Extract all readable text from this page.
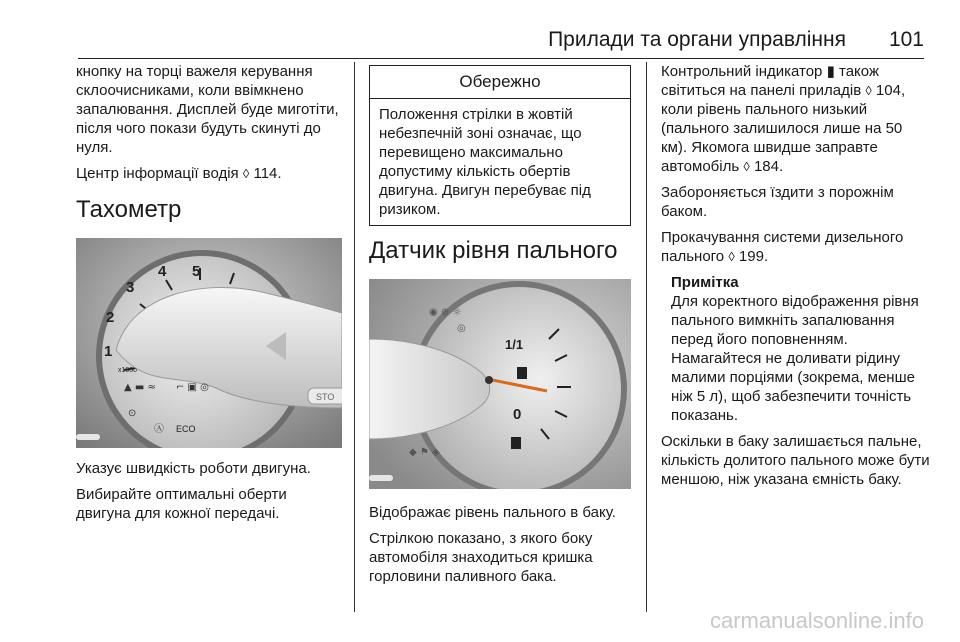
Прилади та органи управління 101

кнопку на торці важеля керування склоочисниками, коли ввімкнено запалювання. Дисплей буде миготіти, після чого покази будуть скинуті до нуля.

Центр інформації водія ◊ 114.

Тахометр
1
2
3
4 5
x1000
ECO
▲ ▬ ≈ ⌐ ▣ ◎
⊙
Ⓐ
STO

Указує швидкість роботи двигуна.

Вибирайте оптимальні оберти двигуна для кожної передачі.

Обережно
Положення стрілки в жовтій небезпечній зоні означає, що перевищено максимально допустиму кількість обертів двигуна. Двигун перебуває під ризиком.
Датчик рівня пального
1/1
0
◉ ⊕ ☼
◎
◆ ⚑ ◈

Відображає рівень пального в баку.

Стрілкою показано, з якого боку автомобіля знаходиться кришка горловини паливного бака.

Контрольний індикатор ▮ також світиться на панелі приладів ◊ 104, коли рівень пального низький (пального залишилося лише на 50 км). Якомога швидше заправте автомобіль ◊ 184.

Забороняється їздити з порожнім баком.

Прокачування системи дизельного пального ◊ 199.

Примітка
Для коректного відображення рівня пального вимкніть запалювання перед його поповненням. Намагайтеся не доливати рідину малими порціями (зокрема, менше ніж 5 л), щоб забезпечити точність показань.

Оскільки в баку залишається пальне, кількість долитого пального може бути меншою, ніж указана ємність баку.

carmanualsonline.info
